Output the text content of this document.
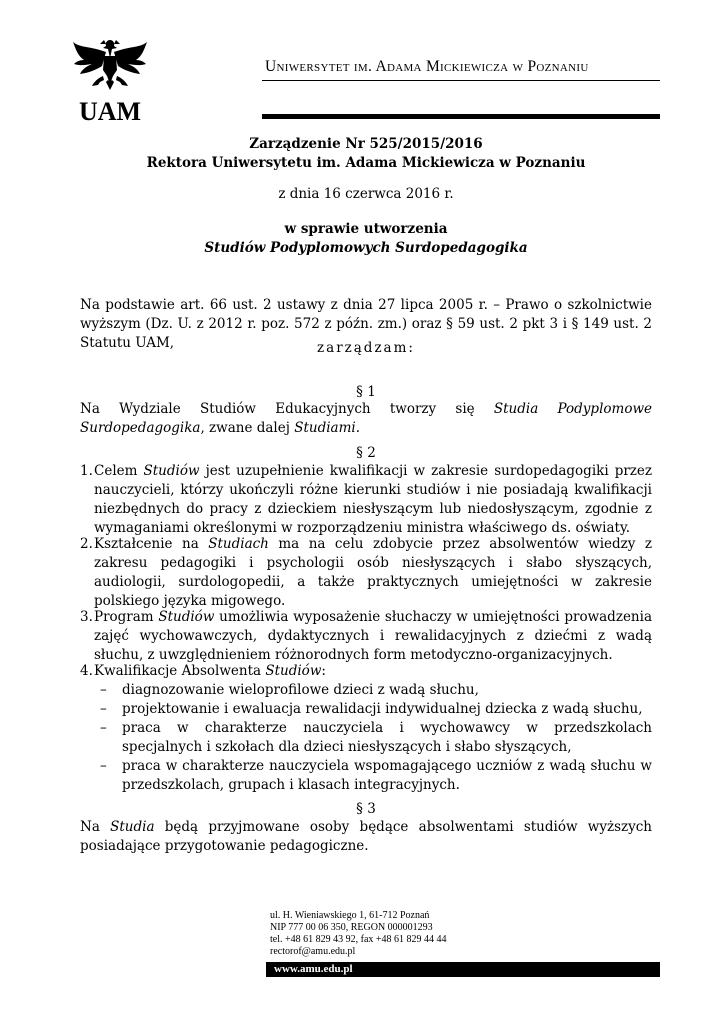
UAM
Uniwersytet im. Adama Mickiewicza w Poznaniu
Zarządzenie Nr 525/2015/2016
Rektora Uniwersytetu im. Adama Mickiewicza w Poznaniu
z dnia 16 czerwca 2016 r.
w sprawie utworzenia
Studiów Podyplomowych Surdopedagogika
Na podstawie art. 66 ust. 2 ustawy z dnia 27 lipca 2005 r. – Prawo o szkolnictwie wyższym (Dz. U. z 2012 r. poz. 572 z późn. zm.) oraz § 59 ust. 2 pkt 3 i § 149 ust. 2 Statutu UAM,	zarządzam:
§ 1
Na Wydziale Studiów Edukacyjnych tworzy się Studia Podyplomowe Surdopedagogika, zwane dalej Studiami.
§ 2
1. Celem Studiów jest uzupełnienie kwalifikacji w zakresie surdopedagogiki przez nauczycieli, którzy ukończyli różne kierunki studiów i nie posiadają kwalifikacji niezbędnych do pracy z dzieckiem niesłyszącym lub niedosłyszącym, zgodnie z wymaganiami określonymi w rozporządzeniu ministra właściwego ds. oświaty.
2. Kształcenie na Studiach ma na celu zdobycie przez absolwentów wiedzy z zakresu pedagogiki i psychologii osób niesłyszących i słabo słyszących, audiologii, surdologopedii, a także praktycznych umiejętności w zakresie polskiego języka migowego.
3. Program Studiów umożliwia wyposażenie słuchaczy w umiejętności prowadzenia zajęć wychowawczych, dydaktycznych i rewalidacyjnych z dziećmi z wadą słuchu, z uwzględnieniem różnorodnych form metodyczno-organizacyjnych.
4. Kwalifikacje Absolwenta Studiów:
– diagnozowanie wieloprofilowe dzieci z wadą słuchu,
– projektowanie i ewaluacja rewalidacji indywidualnej dziecka z wadą słuchu,
– praca w charakterze nauczyciela i wychowawcy w przedszkolach specjalnych i szkołach dla dzieci niesłyszących i słabo słyszących,
– praca w charakterze nauczyciela wspomagającego uczniów z wadą słuchu w przedszkolach, grupach i klasach integracyjnych.
§ 3
Na Studia będą przyjmowane osoby będące absolwentami studiów wyższych posiadające przygotowanie pedagogiczne.
ul. H. Wieniawskiego 1, 61-712 Poznań
NIP 777 00 06 350, REGON 000001293
tel. +48 61 829 43 92, fax +48 61 829 44 44
rectorof@amu.edu.pl
www.amu.edu.pl
